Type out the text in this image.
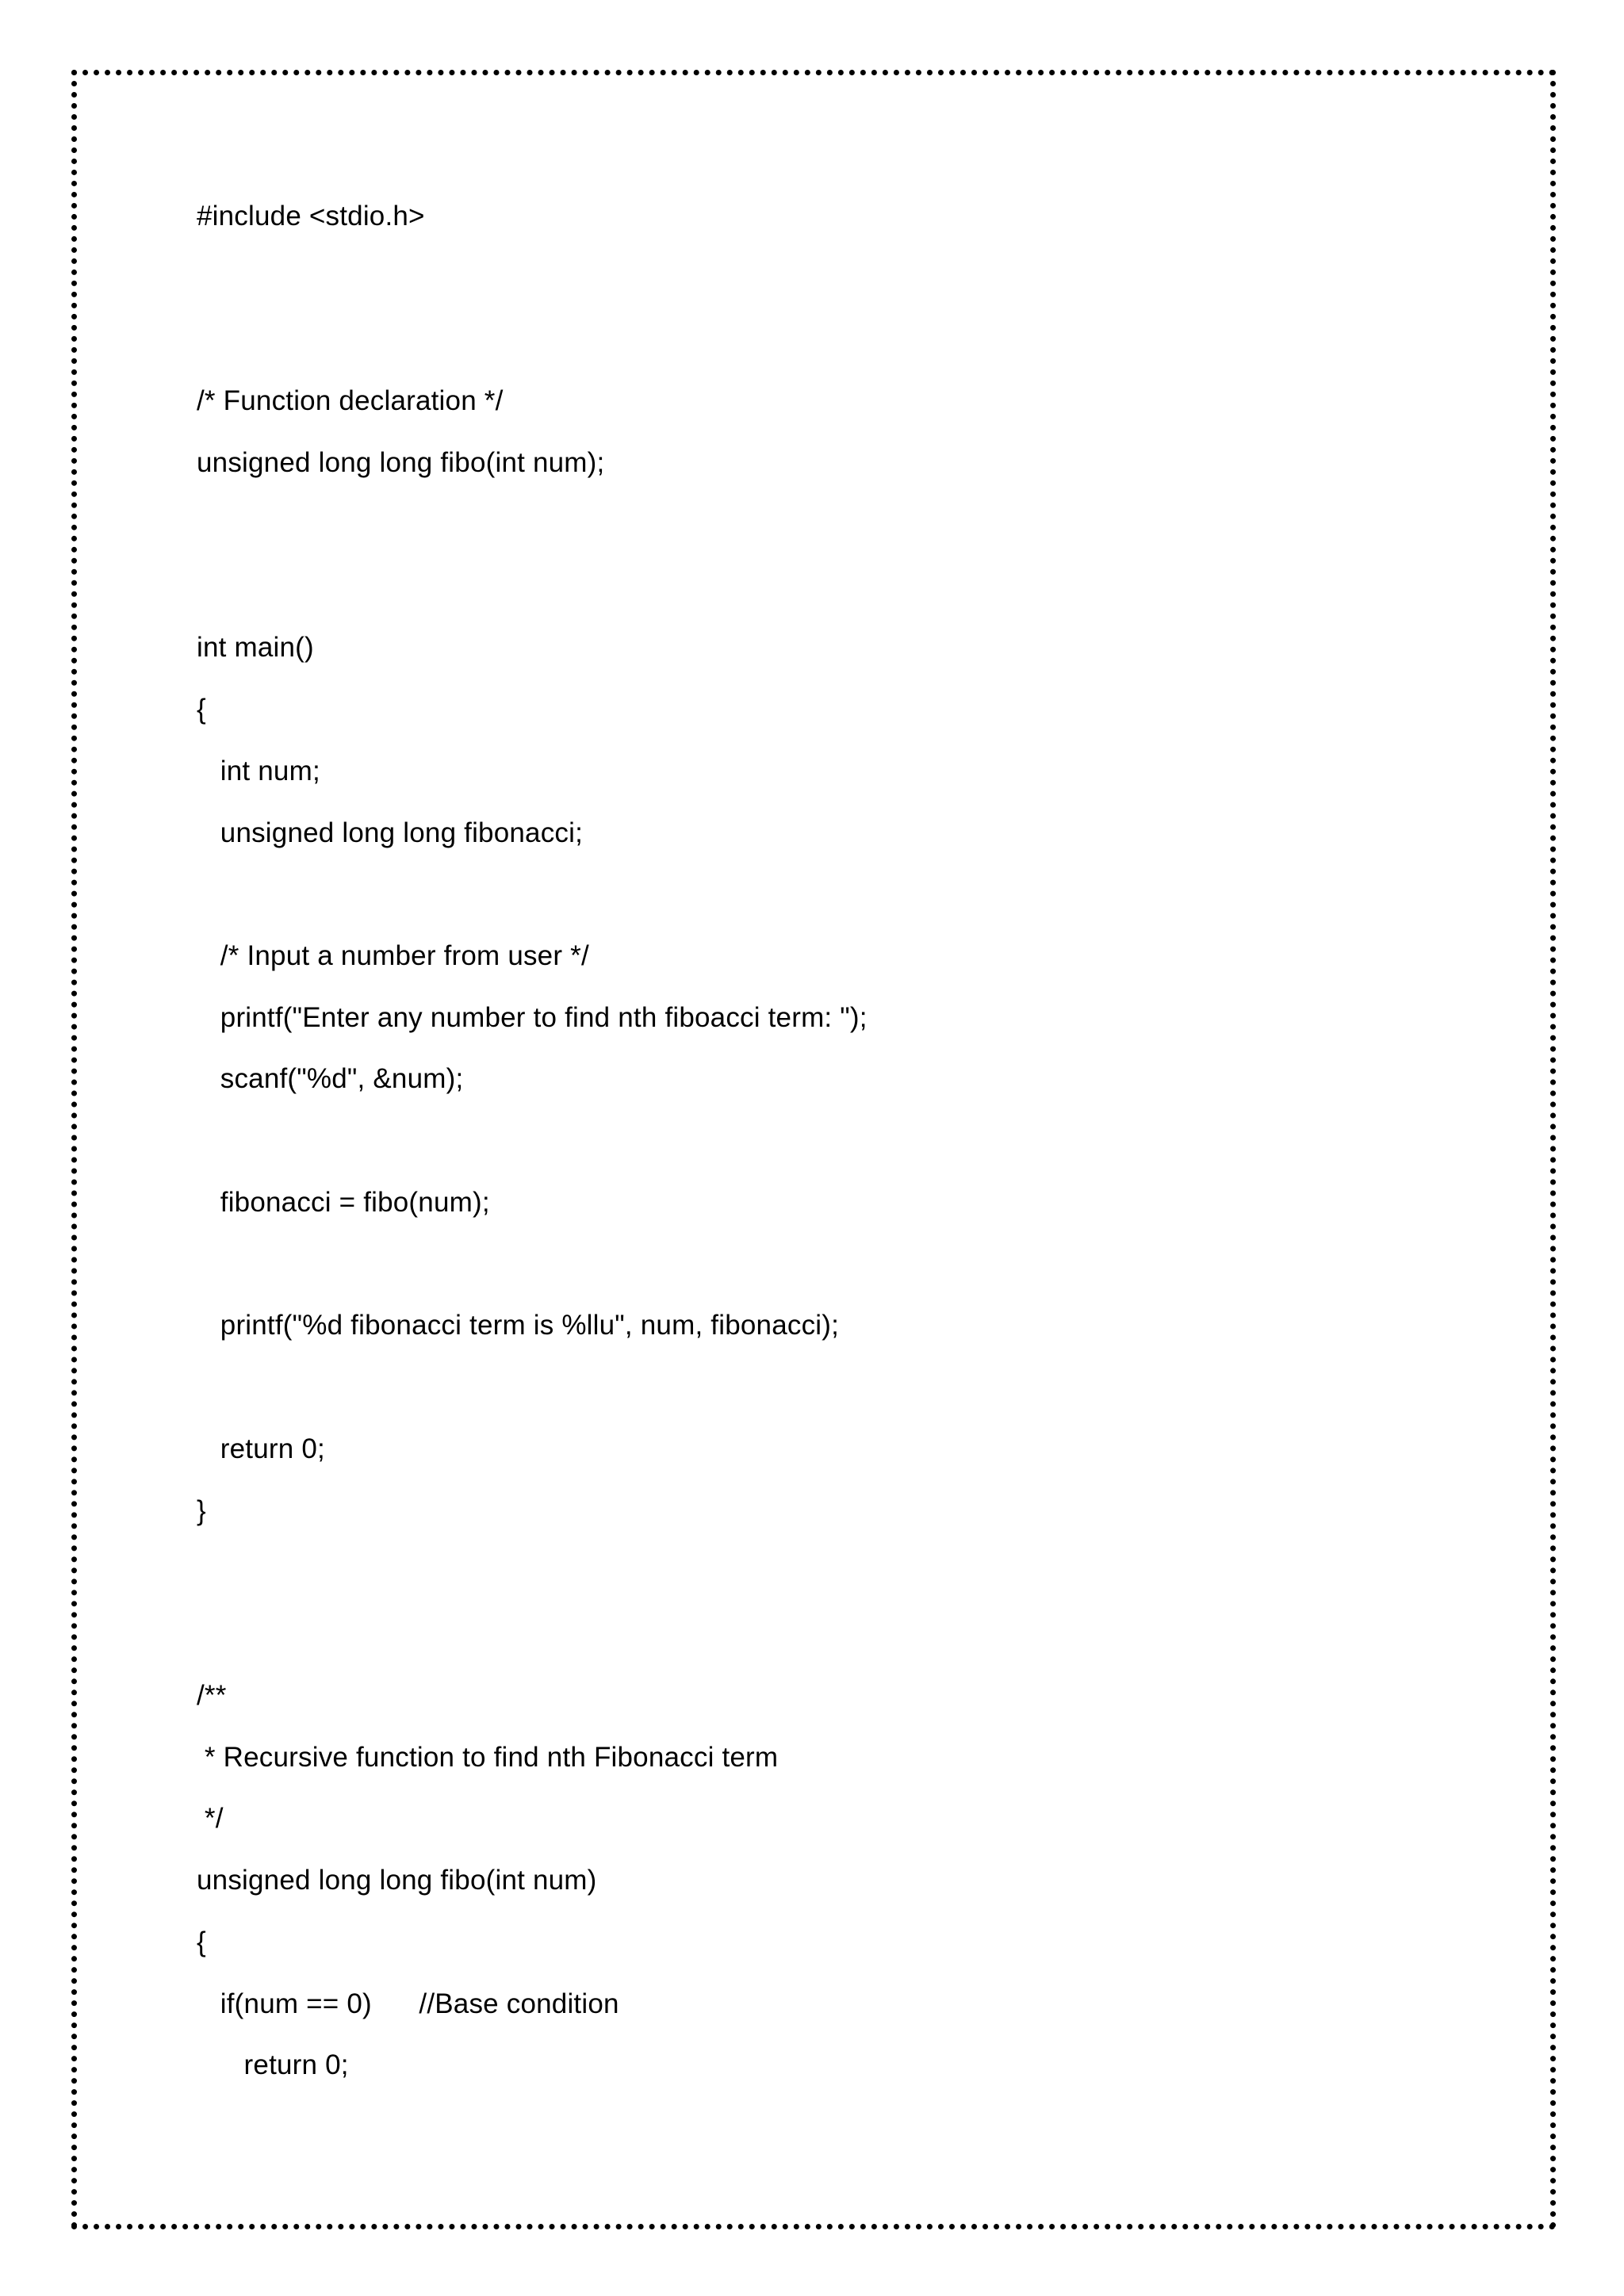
#include <stdio.h>
/* Function declaration */
unsigned long long fibo(int num);
int main()
{
int num;
unsigned long long fibonacci;
/* Input a number from user */
printf("Enter any number to find nth fiboacci term: ");
scanf("%d", &num);
fibonacci = fibo(num);
printf("%d fibonacci term is %llu", num, fibonacci);
return 0;
}
/**
* Recursive function to find nth Fibonacci term
*/
unsigned long long fibo(int num)
{
if(num == 0)      //Base condition
return 0;
